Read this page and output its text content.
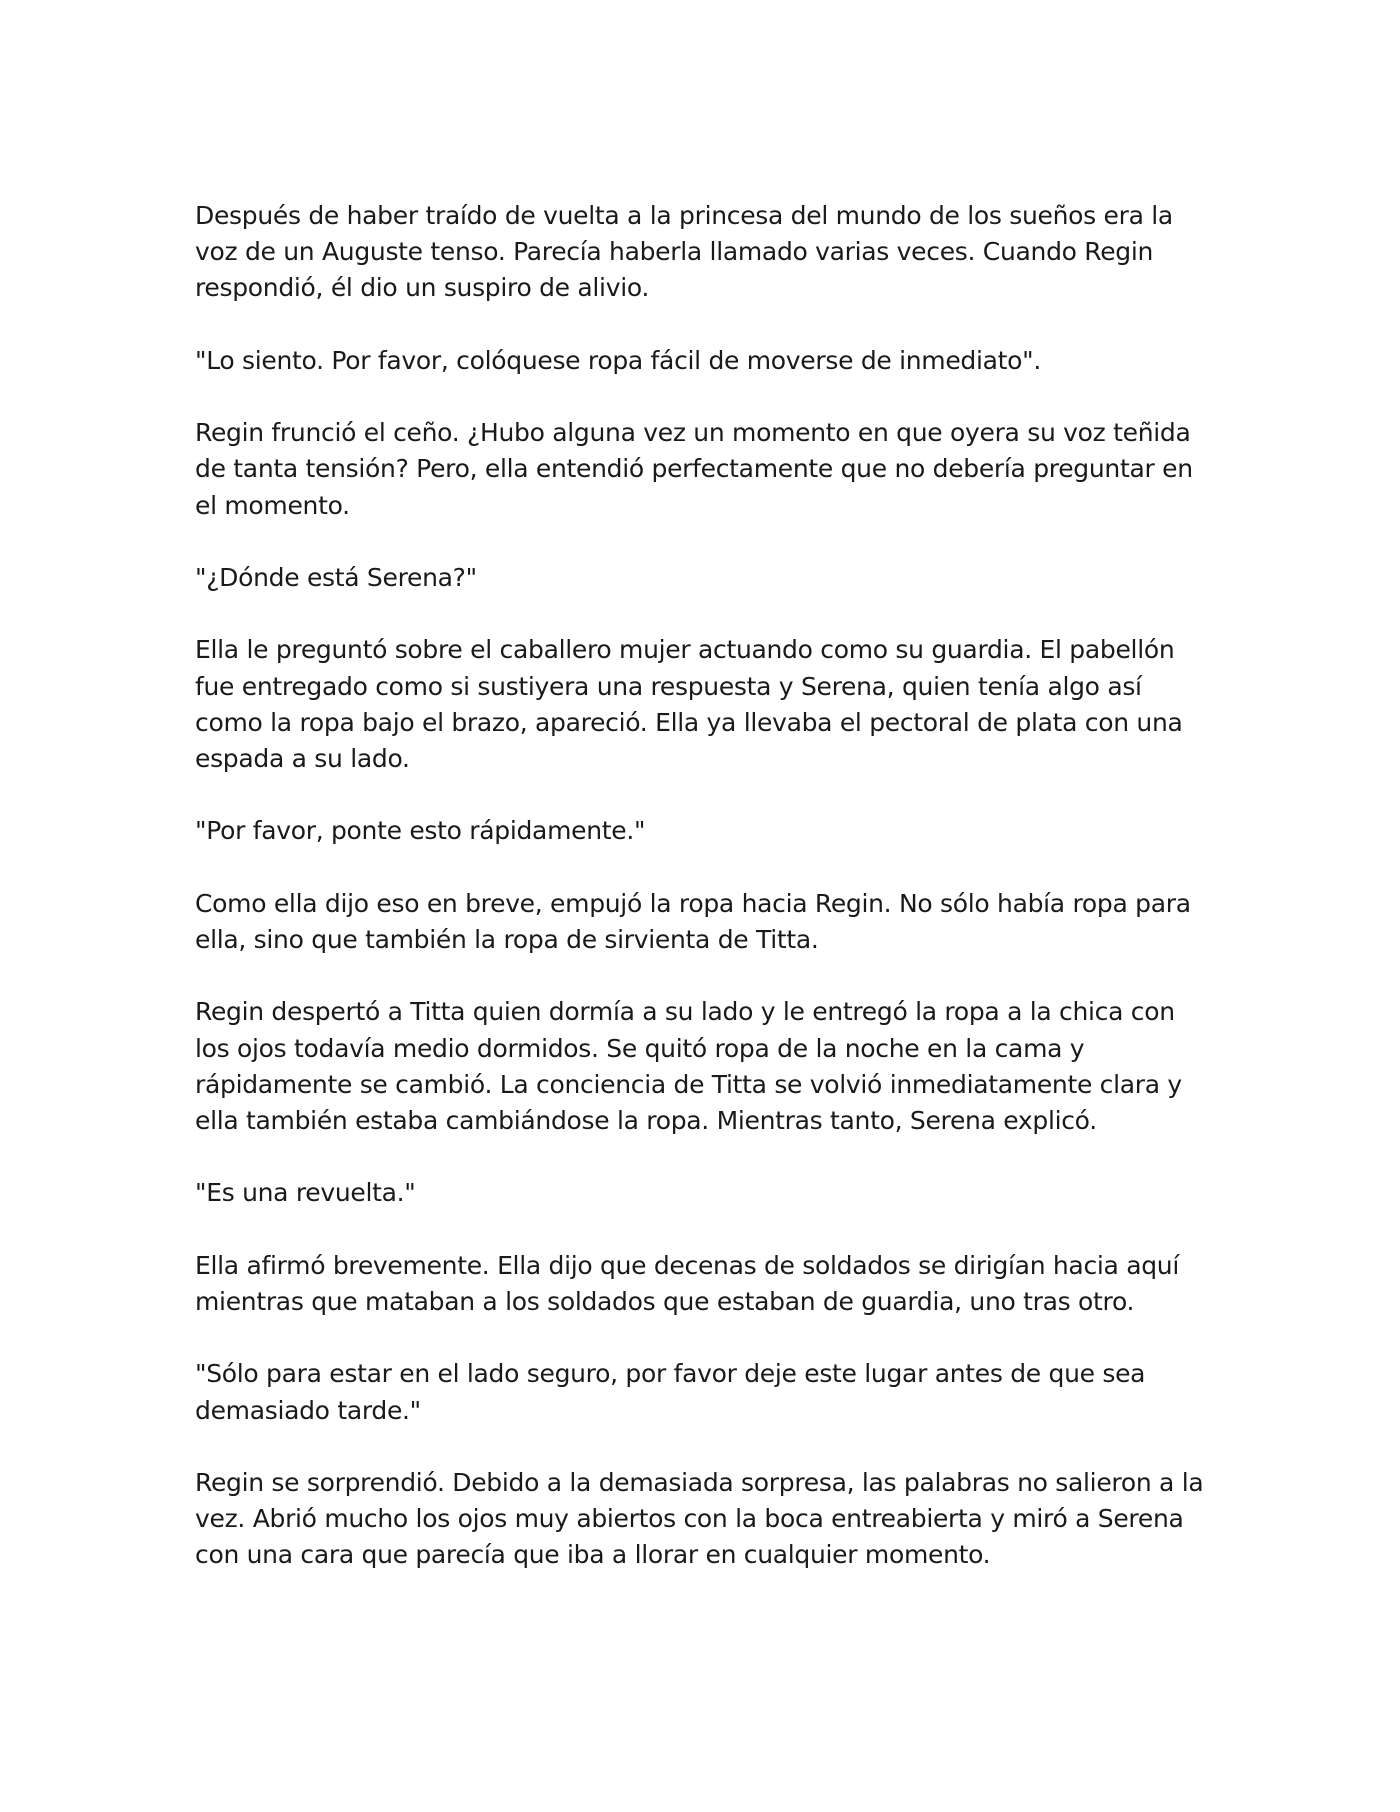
Después de haber traído de vuelta a la princesa del mundo de los sueños era la voz de un Auguste tenso. Parecía haberla llamado varias veces. Cuando Regin respondió, él dio un suspiro de alivio.

"Lo siento. Por favor, colóquese ropa fácil de moverse de inmediato".

Regin frunció el ceño. ¿Hubo alguna vez un momento en que oyera su voz teñida de tanta tensión? Pero, ella entendió perfectamente que no debería preguntar en el momento.

"¿Dónde está Serena?"

Ella le preguntó sobre el caballero mujer actuando como su guardia. El pabellón fue entregado como si sustiyera una respuesta y Serena, quien tenía algo así como la ropa bajo el brazo, apareció. Ella ya llevaba el pectoral de plata con una espada a su lado.

"Por favor, ponte esto rápidamente."

Como ella dijo eso en breve, empujó la ropa hacia Regin. No sólo había ropa para ella, sino que también la ropa de sirvienta de Titta.

Regin despertó a Titta quien dormía a su lado y le entregó la ropa a la chica con los ojos todavía medio dormidos. Se quitó ropa de la noche en la cama y rápidamente se cambió. La conciencia de Titta se volvió inmediatamente clara y ella también estaba cambiándose la ropa. Mientras tanto, Serena explicó.

"Es una revuelta."

Ella afirmó brevemente. Ella dijo que decenas de soldados se dirigían hacia aquí mientras que mataban a los soldados que estaban de guardia, uno tras otro.

"Sólo para estar en el lado seguro, por favor deje este lugar antes de que sea demasiado tarde."

Regin se sorprendió. Debido a la demasiada sorpresa, las palabras no salieron a la vez. Abrió mucho los ojos muy abiertos con la boca entreabierta y miró a Serena con una cara que parecía que iba a llorar en cualquier momento.
